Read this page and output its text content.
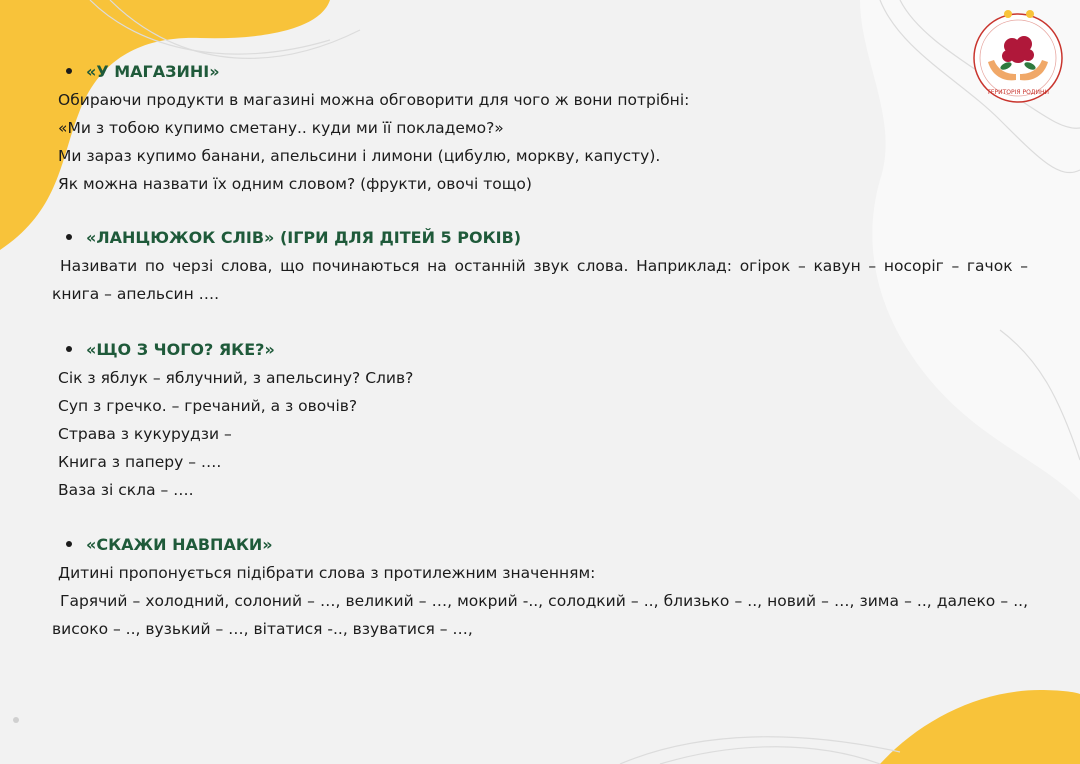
ТЕРИТОРІЯ РОДИНИ
«У МАГАЗИНІ»

Обираючи продукти в магазині можна обговорити для чого ж вони потрібні:

«Ми з тобою купимо сметану.. куди ми її покладемо?»

Ми зараз купимо банани, апельсини і лимони (цибулю, моркву, капусту).

Як можна назвати їх одним словом? (фрукти, овочі тощо)

«ЛАНЦЮЖОК СЛІВ» (ІГРИ ДЛЯ ДІТЕЙ 5 РОКІВ)

Називати по черзі слова, що починаються на останній звук слова. Наприклад: огірок – кавун – носоріг – гачок – книга – апельсин ….

«ЩО З ЧОГО? ЯКЕ?»

Сік з яблук – яблучний, з апельсину? Слив?

Суп з гречко. – гречаний, а з овочів?

Страва з кукурудзи –

Книга з паперу – ….

Ваза зі скла – ….

«СКАЖИ НАВПАКИ»

Дитині пропонується підібрати слова з протилежним значенням:

Гарячий – холодний, солоний – …, великий – …, мокрий -.., солодкий – .., близько – .., новий – …, зима – .., далеко – .., високо – .., вузький – …, вітатися -.., взуватися – …,
